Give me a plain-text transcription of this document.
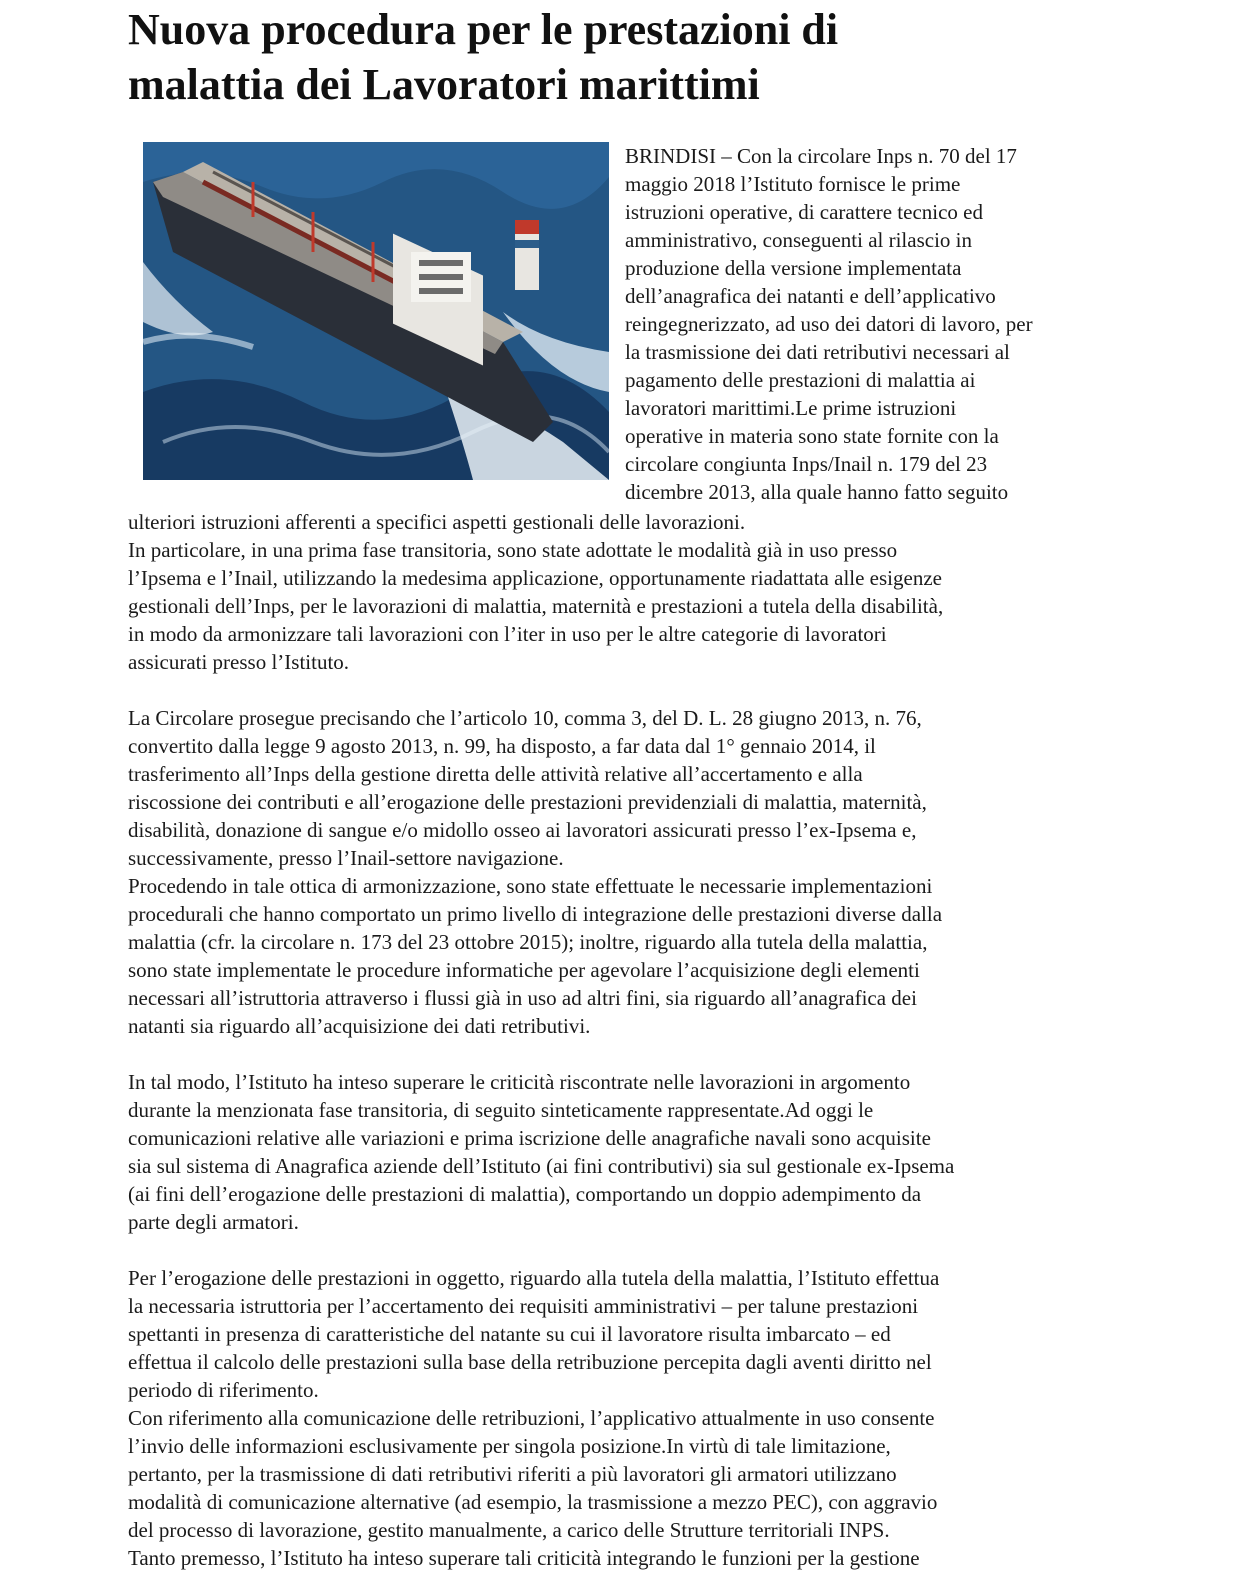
Nuova procedura per le prestazioni di
malattia dei Lavoratori marittimi

BRINDISI – Con la circolare Inps n. 70 del 17
maggio 2018 l’Istituto fornisce le prime
istruzioni operative, di carattere tecnico ed
amministrativo, conseguenti al rilascio in
produzione della versione implementata
dell’anagrafica dei natanti e dell’applicativo
reingegnerizzato, ad uso dei datori di lavoro, per
la trasmissione dei dati retributivi necessari al
pagamento delle prestazioni di malattia ai
lavoratori marittimi.Le prime istruzioni
operative in materia sono state fornite con la
circolare congiunta Inps/Inail n. 179 del 23
dicembre 2013, alla quale hanno fatto seguito

ulteriori istruzioni afferenti a specifici aspetti gestionali delle lavorazioni.
In particolare, in una prima fase transitoria, sono state adottate le modalità già in uso presso
l’Ipsema e l’Inail, utilizzando la medesima applicazione, opportunamente riadattata alle esigenze
gestionali dell’Inps, per le lavorazioni di malattia, maternità e prestazioni a tutela della disabilità,
in modo da armonizzare tali lavorazioni con l’iter in uso per le altre categorie di lavoratori
assicurati presso l’Istituto.
La Circolare prosegue precisando che l’articolo 10, comma 3, del D. L. 28 giugno 2013, n. 76,
convertito dalla legge 9 agosto 2013, n. 99, ha disposto, a far data dal 1° gennaio 2014, il
trasferimento all’Inps della gestione diretta delle attività relative all’accertamento e alla
riscossione dei contributi e all’erogazione delle prestazioni previdenziali di malattia, maternità,
disabilità, donazione di sangue e/o midollo osseo ai lavoratori assicurati presso l’ex-Ipsema e,
successivamente, presso l’Inail-settore navigazione.
Procedendo in tale ottica di armonizzazione, sono state effettuate le necessarie implementazioni
procedurali che hanno comportato un primo livello di integrazione delle prestazioni diverse dalla
malattia (cfr. la circolare n. 173 del 23 ottobre 2015); inoltre, riguardo alla tutela della malattia,
sono state implementate le procedure informatiche per agevolare l’acquisizione degli elementi
necessari all’istruttoria attraverso i flussi già in uso ad altri fini, sia riguardo all’anagrafica dei
natanti sia riguardo all’acquisizione dei dati retributivi.
In tal modo, l’Istituto ha inteso superare le criticità riscontrate nelle lavorazioni in argomento
durante la menzionata fase transitoria, di seguito sinteticamente rappresentate.Ad oggi le
comunicazioni relative alle variazioni e prima iscrizione delle anagrafiche navali sono acquisite
sia sul sistema di Anagrafica aziende dell’Istituto (ai fini contributivi) sia sul gestionale ex-Ipsema
(ai fini dell’erogazione delle prestazioni di malattia), comportando un doppio adempimento da
parte degli armatori.
Per l’erogazione delle prestazioni in oggetto, riguardo alla tutela della malattia, l’Istituto effettua
la necessaria istruttoria per l’accertamento dei requisiti amministrativi – per talune prestazioni
spettanti in presenza di caratteristiche del natante su cui il lavoratore risulta imbarcato – ed
effettua il calcolo delle prestazioni sulla base della retribuzione percepita dagli aventi diritto nel
periodo di riferimento.
Con riferimento alla comunicazione delle retribuzioni, l’applicativo attualmente in uso consente
l’invio delle informazioni esclusivamente per singola posizione.In virtù di tale limitazione,
pertanto, per la trasmissione di dati retributivi riferiti a più lavoratori gli armatori utilizzano
modalità di comunicazione alternative (ad esempio, la trasmissione a mezzo PEC), con aggravio
del processo di lavorazione, gestito manualmente, a carico delle Strutture territoriali INPS.
Tanto premesso, l’Istituto ha inteso superare tali criticità integrando le funzioni per la gestione
